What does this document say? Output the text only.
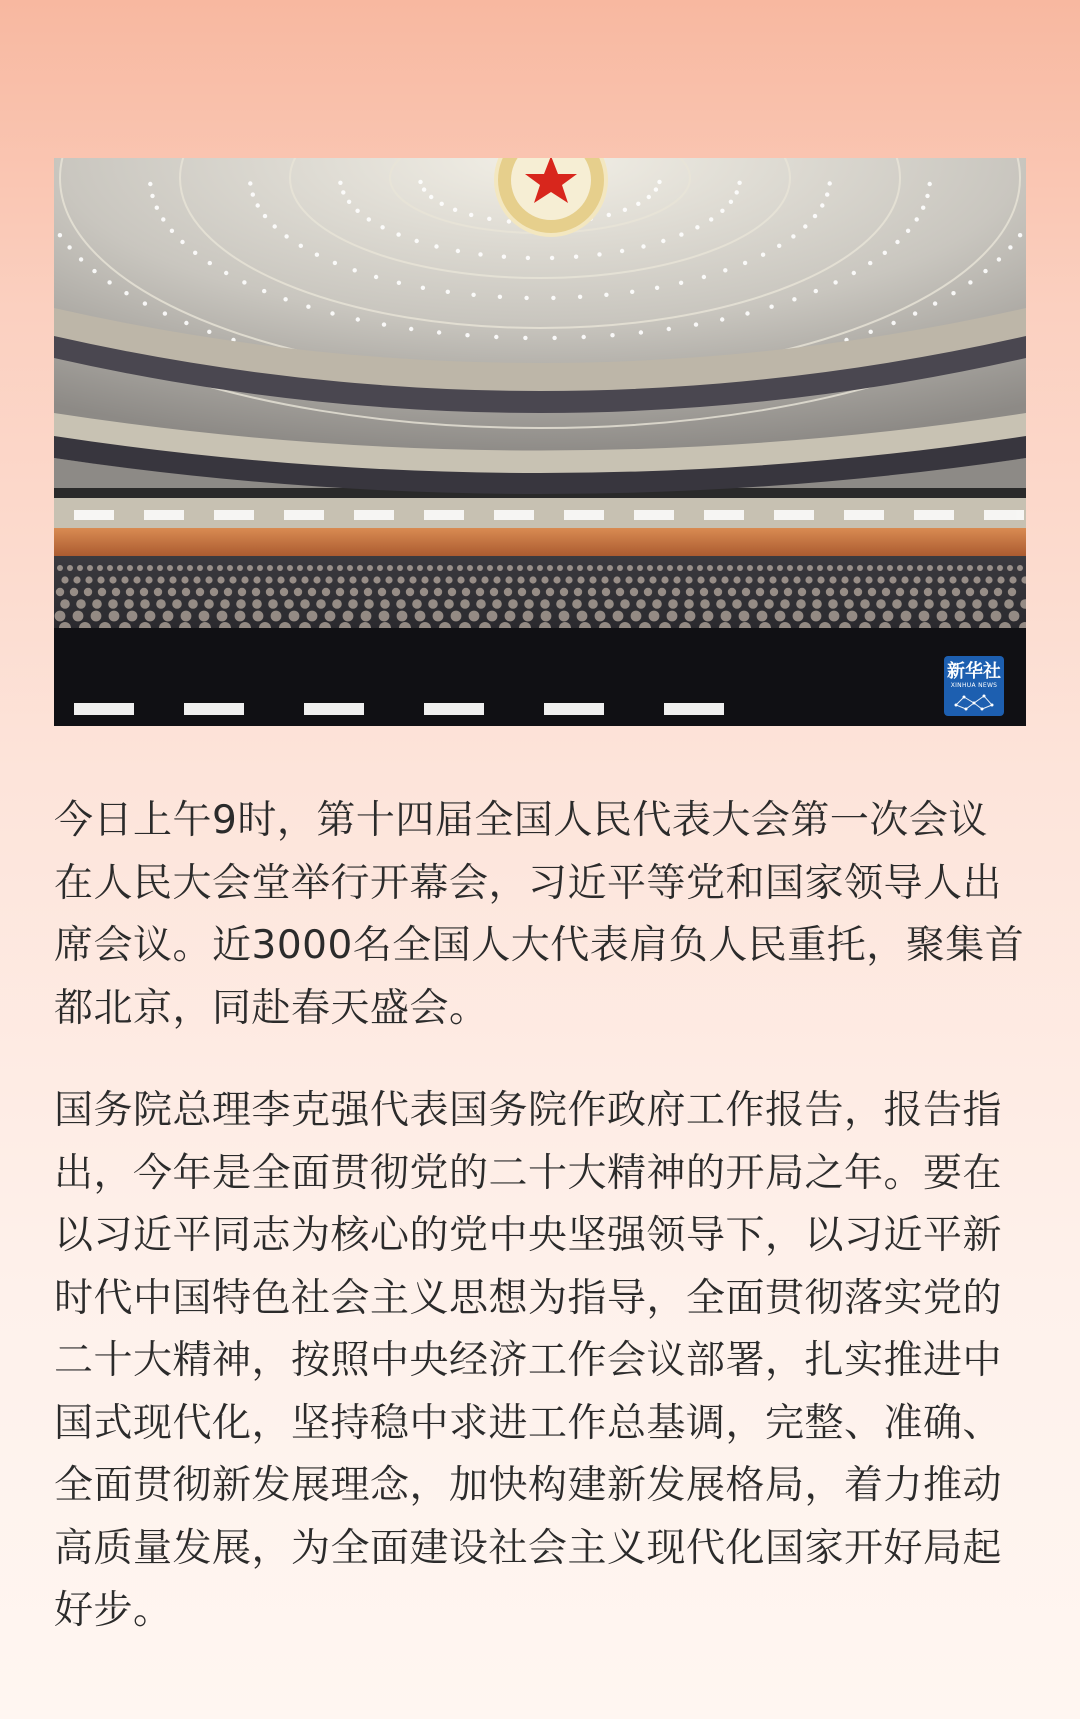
新华社
XINHUA NEWS

今日上午9时，第十四届全国人民代表大会第一次会议在人民大会堂举行开幕会，习近平等党和国家领导人出席会议。近3000名全国人大代表肩负人民重托，聚集首都北京，同赴春天盛会。

国务院总理李克强代表国务院作政府工作报告，报告指出，今年是全面贯彻党的二十大精神的开局之年。要在以习近平同志为核心的党中央坚强领导下，以习近平新时代中国特色社会主义思想为指导，全面贯彻落实党的二十大精神，按照中央经济工作会议部署，扎实推进中国式现代化，坚持稳中求进工作总基调，完整、准确、全面贯彻新发展理念，加快构建新发展格局，着力推动高质量发展，为全面建设社会主义现代化国家开好局起好步。
